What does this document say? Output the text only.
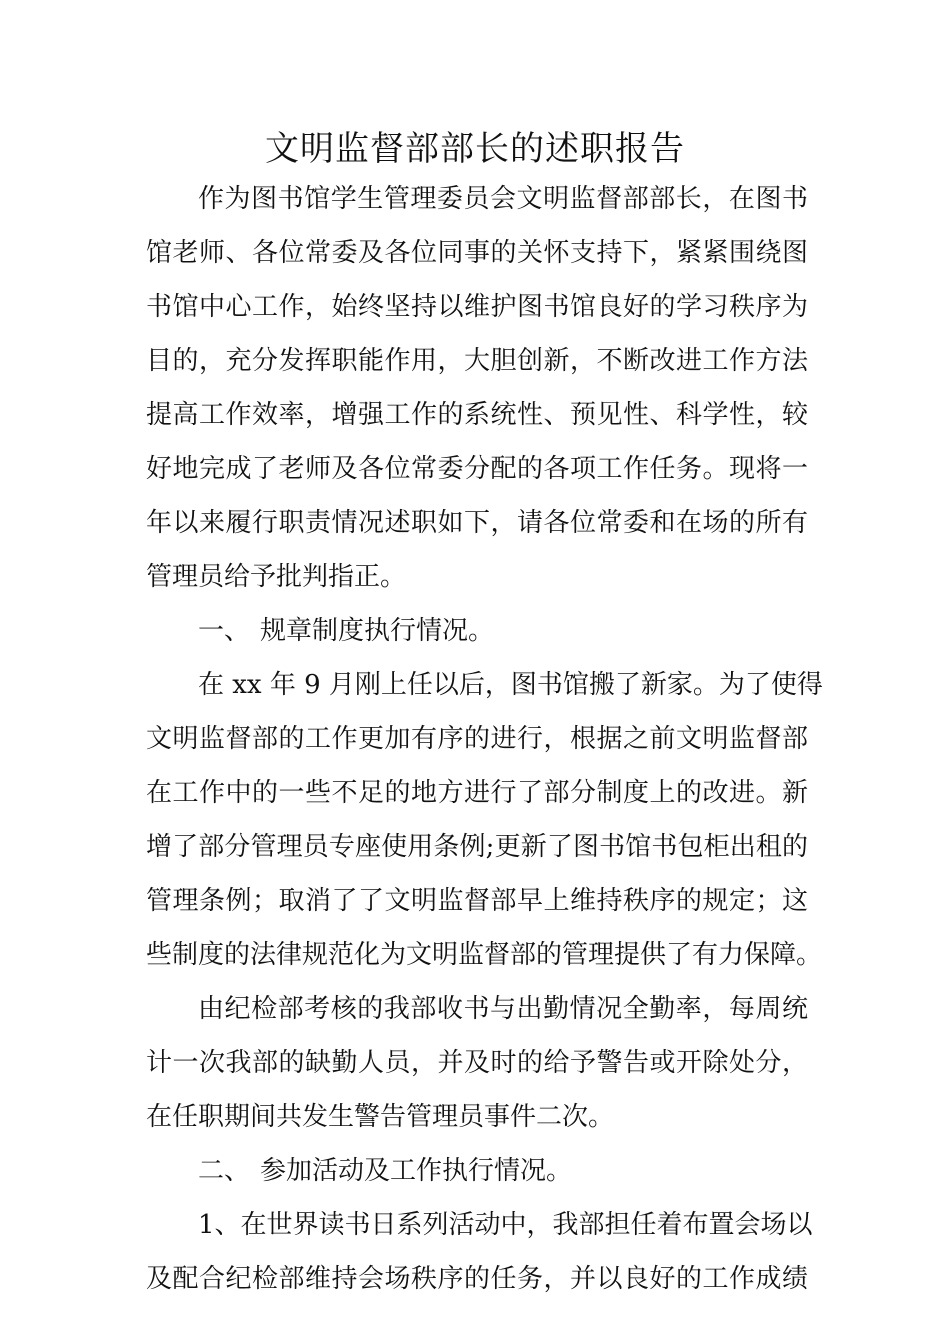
文明监督部部长的述职报告
作为图书馆学生管理委员会文明监督部部长，在图书
馆老师、各位常委及各位同事的关怀支持下，紧紧围绕图
书馆中心工作，始终坚持以维护图书馆良好的学习秩序为
目的，充分发挥职能作用，大胆创新，不断改进工作方法
提高工作效率，增强工作的系统性、预见性、科学性，较
好地完成了老师及各位常委分配的各项工作任务。现将一
年以来履行职责情况述职如下，请各位常委和在场的所有
管理员给予批判指正。
一、 规章制度执行情况。
在 xx 年 9 月刚上任以后，图书馆搬了新家。为了使得
文明监督部的工作更加有序的进行，根据之前文明监督部
在工作中的一些不足的地方进行了部分制度上的改进。新
增了部分管理员专座使用条例;更新了图书馆书包柜出租的
管理条例；取消了了文明监督部早上维持秩序的规定；这
些制度的法律规范化为文明监督部的管理提供了有力保障。
由纪检部考核的我部收书与出勤情况全勤率，每周统
计一次我部的缺勤人员，并及时的给予警告或开除处分，
在任职期间共发生警告管理员事件二次。
二、 参加活动及工作执行情况。
1、在世界读书日系列活动中，我部担任着布置会场以
及配合纪检部维持会场秩序的任务，并以良好的工作成绩
